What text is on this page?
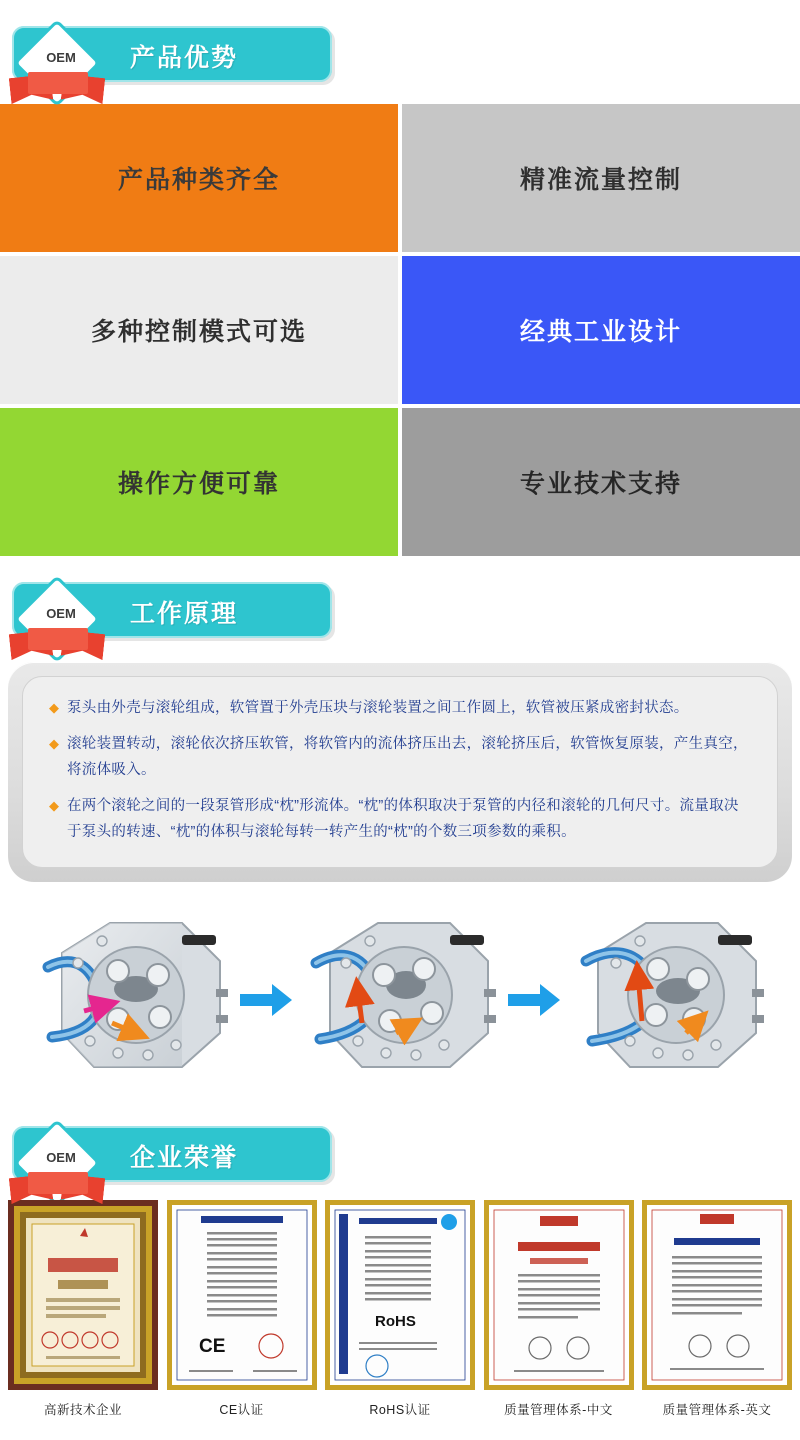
产品优势
OEM
产品种类齐全	精准流量控制
多种控制模式可选	经典工业设计
操作方便可靠	专业技术支持
工作原理
OEM
◆ 泵头由外壳与滚轮组成，软管置于外壳压块与滚轮装置之间工作圆上，软管被压紧成密封状态。
◆ 滚轮装置转动，滚轮依次挤压软管，将软管内的流体挤压出去，滚轮挤压后，软管恢复原装，产生真空，将流体吸入。
◆ 在两个滚轮之间的一段泵管形成“枕”形流体。“枕”的体积取决于泵管的内径和滚轮的几何尺寸。流量取决于泵头的转速、“枕”的体积与滚轮每转一转产生的“枕”的个数三项参数的乘积。
企业荣誉
OEM
高新技术企业
CE
CE认证
RoHS
RoHS认证	质量管理体系-中文	质量管理体系-英文
